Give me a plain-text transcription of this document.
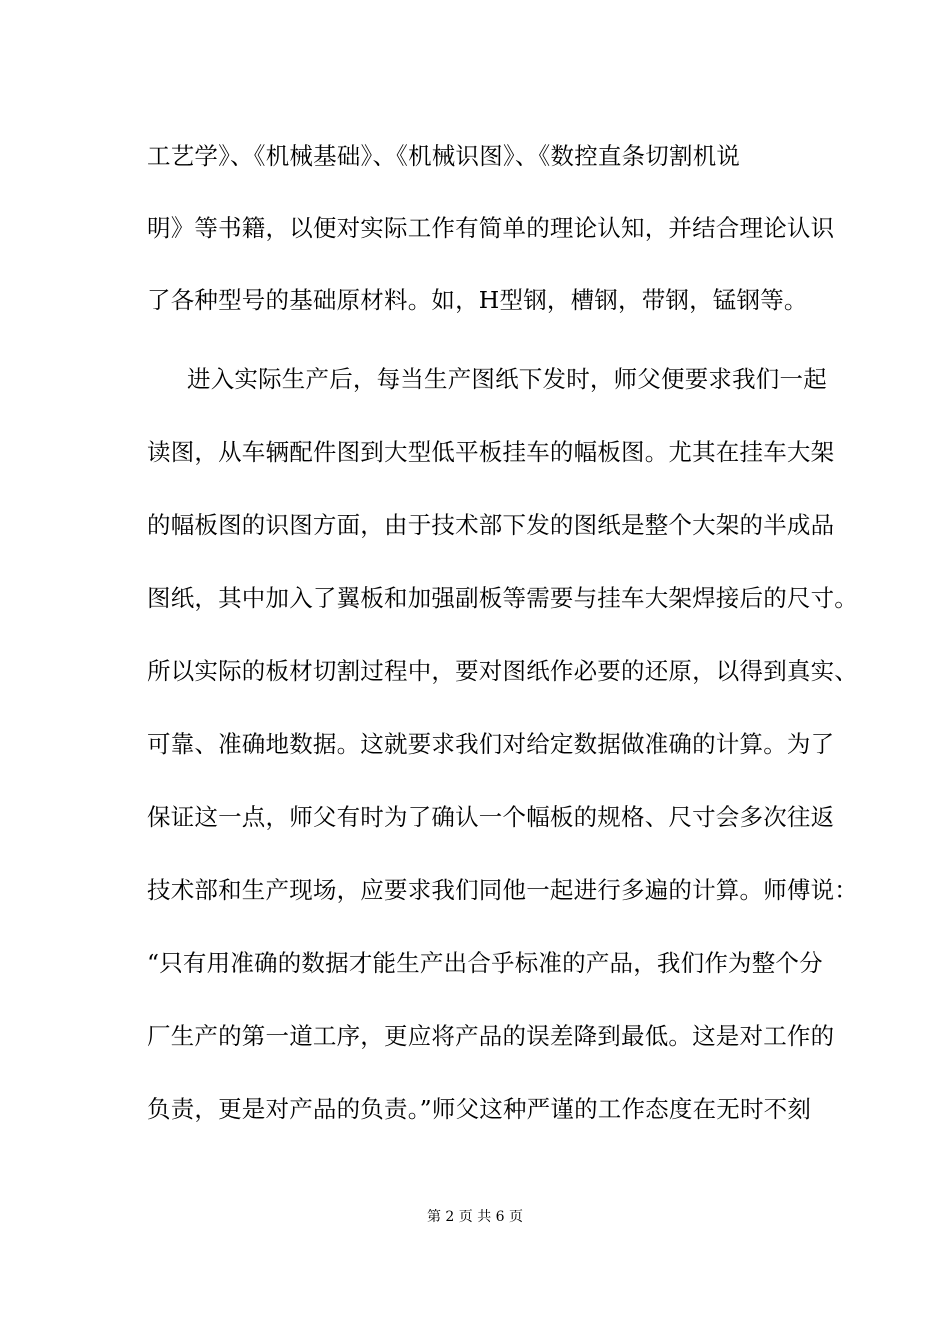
工艺学》、《机械基础》、《机械识图》、《数控直条切割机说
明》等书籍，以便对实际工作有简单的理论认知，并结合理论认识
了各种型号的基础原材料。如，H型钢，槽钢，带钢，锰钢等。
进入实际生产后，每当生产图纸下发时，师父便要求我们一起
读图，从车辆配件图到大型低平板挂车的幅板图。尤其在挂车大架
的幅板图的识图方面，由于技术部下发的图纸是整个大架的半成品
图纸，其中加入了翼板和加强副板等需要与挂车大架焊接后的尺寸。
所以实际的板材切割过程中，要对图纸作必要的还原，以得到真实、
可靠、准确地数据。这就要求我们对给定数据做准确的计算。为了
保证这一点，师父有时为了确认一个幅板的规格、尺寸会多次往返
技术部和生产现场，应要求我们同他一起进行多遍的计算。师傅说：
“只有用准确的数据才能生产出合乎标准的产品，我们作为整个分
厂生产的第一道工序，更应将产品的误差降到最低。这是对工作的
负责，更是对产品的负责。”师父这种严谨的工作态度在无时不刻
第 2 页 共 6 页
